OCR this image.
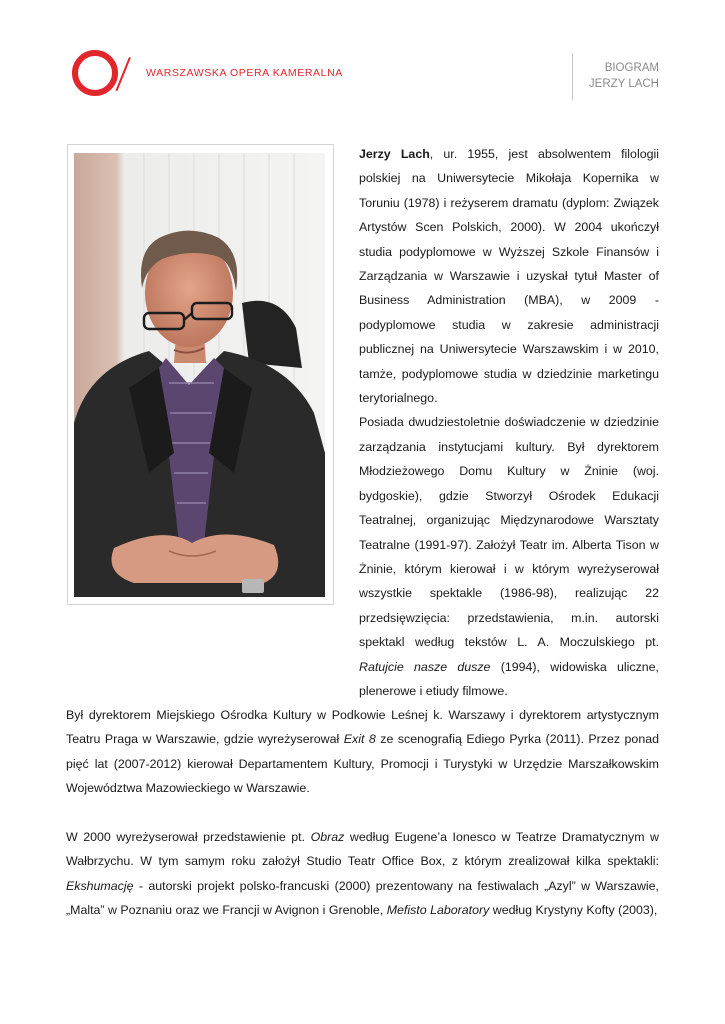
WARSZAWSKA OPERA KAMERALNA	BIOGRAM
JERZY LACH

Jerzy Lach, ur. 1955, jest absolwentem filologii polskiej na Uniwersytecie Mikołaja Kopernika w Toruniu (1978) i reżyserem dramatu (dyplom: Związek Artystów Scen Polskich, 2000). W 2004 ukończył studia podyplomowe w Wyższej Szkole Finansów i Zarządzania w Warszawie i uzyskał tytuł Master of Business Administration (MBA), w 2009 - podyplomowe studia w zakresie administracji publicznej na Uniwersytecie Warszawskim i w 2010, tamże, podyplomowe studia w dziedzinie marketingu terytorialnego.

Posiada dwudziestoletnie doświadczenie w dziedzinie zarządzania instytucjami kultury. Był dyrektorem Młodzieżowego Domu Kultury w Żninie (woj. bydgoskie), gdzie Stworzył Ośrodek Edukacji Teatralnej, organizując Międzynarodowe Warsztaty Teatralne (1991-97). Założył Teatr im. Alberta Tison w Żninie, którym kierował i w którym wyreżyserował wszystkie spektakle (1986-98), realizując 22 przedsięwzięcia: przedstawienia, m.in. autorski spektakl według tekstów L. A. Moczulskiego pt. Ratujcie nasze dusze (1994), widowiska uliczne, plenerowe i etiudy filmowe.

Był dyrektorem Miejskiego Ośrodka Kultury w Podkowie Leśnej k. Warszawy i dyrektorem artystycznym Teatru Praga w Warszawie, gdzie wyreżyserował Exit 8 ze scenografią Ediego Pyrka (2011). Przez ponad pięć lat (2007-2012) kierował Departamentem Kultury, Promocji i Turystyki w Urzędzie Marszałkowskim Województwa Mazowieckiego w Warszawie.

W 2000 wyreżyserował przedstawienie pt. Obraz według Eugene’a Ionesco w Teatrze Dramatycznym w Wałbrzychu. W tym samym roku założył Studio Teatr Office Box, z którym zrealizował kilka spektakli: Ekshumację - autorski projekt polsko-francuski (2000) prezentowany na festiwalach „Azyl” w Warszawie, „Malta” w Poznaniu oraz we Francji w Avignon i Grenoble, Mefisto Laboratory według Krystyny Kofty (2003),
